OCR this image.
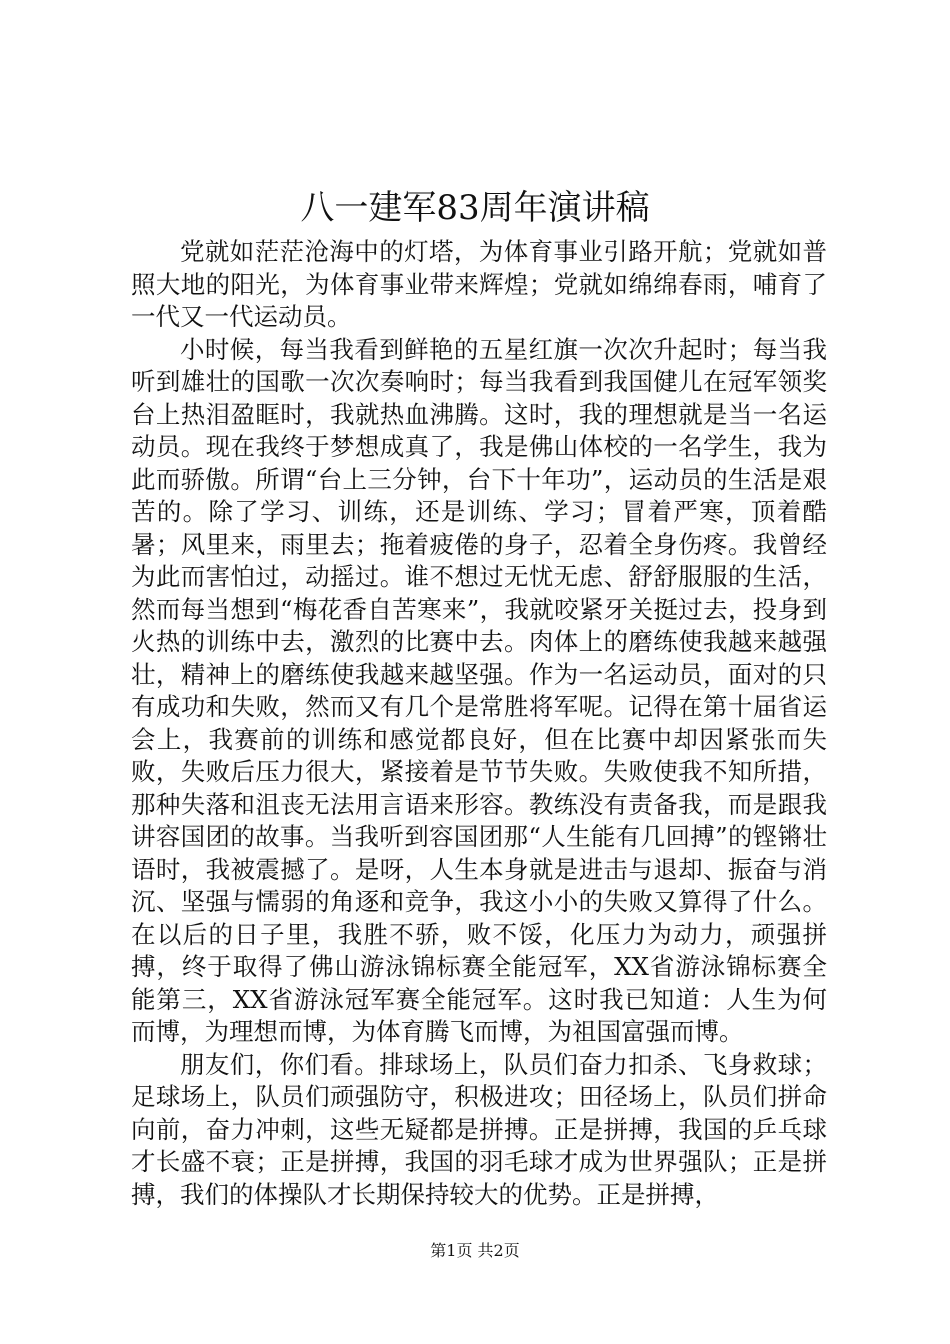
八一建军83周年演讲稿

党就如茫茫沧海中的灯塔，为体育事业引路开航；党就如普照大地的阳光，为体育事业带来辉煌；党就如绵绵春雨，哺育了一代又一代运动员。

小时候，每当我看到鲜艳的五星红旗一次次升起时；每当我听到雄壮的国歌一次次奏响时；每当我看到我国健儿在冠军领奖台上热泪盈眶时，我就热血沸腾。这时，我的理想就是当一名运动员。现在我终于梦想成真了，我是佛山体校的一名学生，我为此而骄傲。所谓“台上三分钟，台下十年功”，运动员的生活是艰苦的。除了学习、训练，还是训练、学习；冒着严寒，顶着酷暑；风里来，雨里去；拖着疲倦的身子，忍着全身伤疼。我曾经为此而害怕过，动摇过。谁不想过无忧无虑、舒舒服服的生活，然而每当想到“梅花香自苦寒来”，我就咬紧牙关挺过去，投身到火热的训练中去，激烈的比赛中去。肉体上的磨练使我越来越强壮，精神上的磨练使我越来越坚强。作为一名运动员，面对的只有成功和失败，然而又有几个是常胜将军呢。记得在第十届省运会上，我赛前的训练和感觉都良好，但在比赛中却因紧张而失败，失败后压力很大，紧接着是节节失败。失败使我不知所措，那种失落和沮丧无法用言语来形容。教练没有责备我，而是跟我讲容国团的故事。当我听到容国团那“人生能有几回搏”的铿锵壮语时，我被震撼了。是呀，人生本身就是进击与退却、振奋与消沉、坚强与懦弱的角逐和竞争，我这小小的失败又算得了什么。在以后的日子里，我胜不骄，败不馁，化压力为动力，顽强拼搏，终于取得了佛山游泳锦标赛全能冠军，XX省游泳锦标赛全能第三，XX省游泳冠军赛全能冠军。这时我已知道：人生为何而博，为理想而博，为体育腾飞而博，为祖国富强而博。

朋友们，你们看。排球场上，队员们奋力扣杀、飞身救球；足球场上，队员们顽强防守，积极进攻；田径场上，队员们拼命向前，奋力冲刺，这些无疑都是拼搏。正是拼搏，我国的乒乓球才长盛不衰；正是拼搏，我国的羽毛球才成为世界强队；正是拼搏，我们的体操队才长期保持较大的优势。正是拼搏，

第1页 共2页
